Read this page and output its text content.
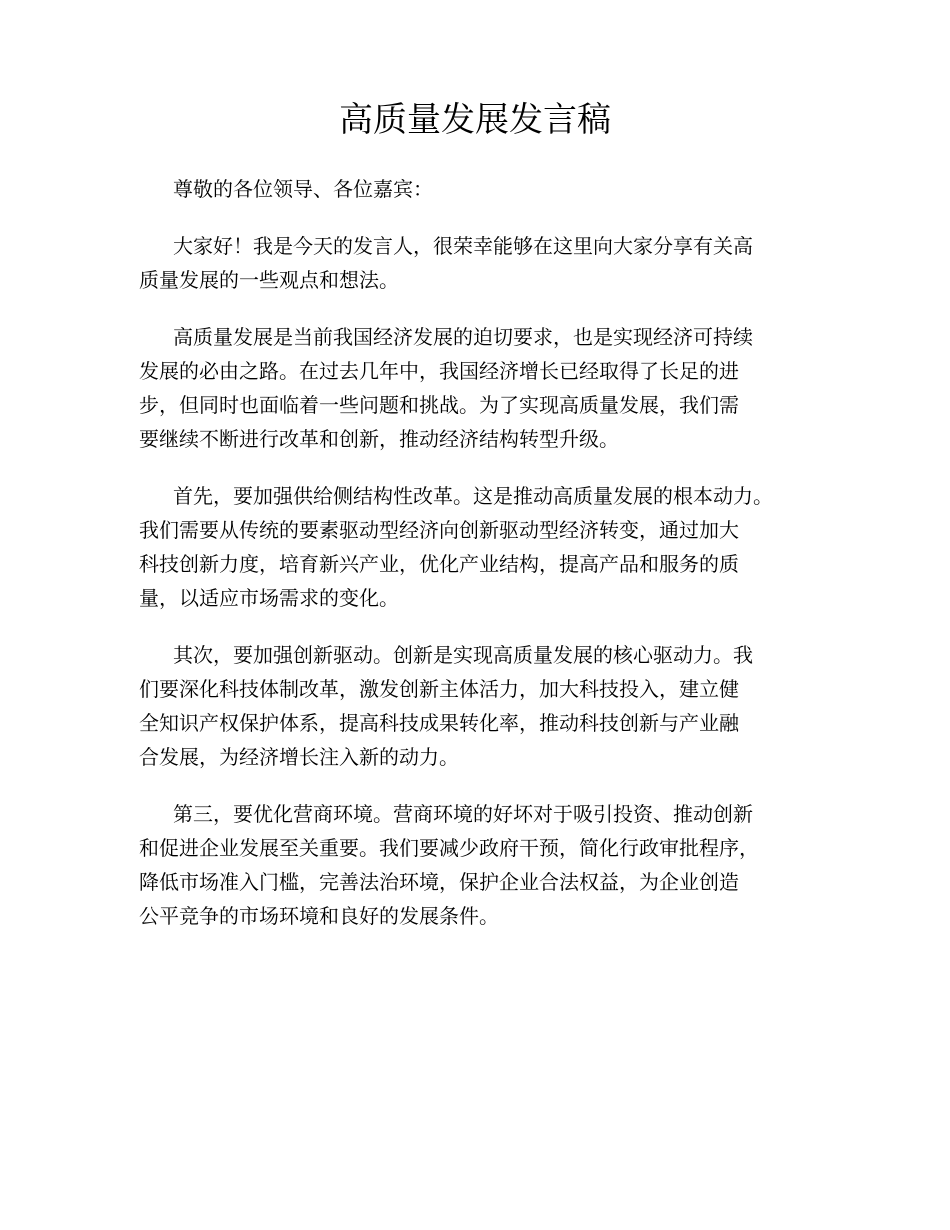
高质量发展发言稿

尊敬的各位领导、各位嘉宾：

大家好！我是今天的发言人，很荣幸能够在这里向大家分享有关高
质量发展的一些观点和想法。

高质量发展是当前我国经济发展的迫切要求，也是实现经济可持续
发展的必由之路。在过去几年中，我国经济增长已经取得了长足的进
步，但同时也面临着一些问题和挑战。为了实现高质量发展，我们需
要继续不断进行改革和创新，推动经济结构转型升级。

首先，要加强供给侧结构性改革。这是推动高质量发展的根本动力。
我们需要从传统的要素驱动型经济向创新驱动型经济转变，通过加大
科技创新力度，培育新兴产业，优化产业结构，提高产品和服务的质
量，以适应市场需求的变化。

其次，要加强创新驱动。创新是实现高质量发展的核心驱动力。我
们要深化科技体制改革，激发创新主体活力，加大科技投入，建立健
全知识产权保护体系，提高科技成果转化率，推动科技创新与产业融
合发展，为经济增长注入新的动力。

第三，要优化营商环境。营商环境的好坏对于吸引投资、推动创新
和促进企业发展至关重要。我们要减少政府干预，简化行政审批程序，
降低市场准入门槛，完善法治环境，保护企业合法权益，为企业创造
公平竞争的市场环境和良好的发展条件。
